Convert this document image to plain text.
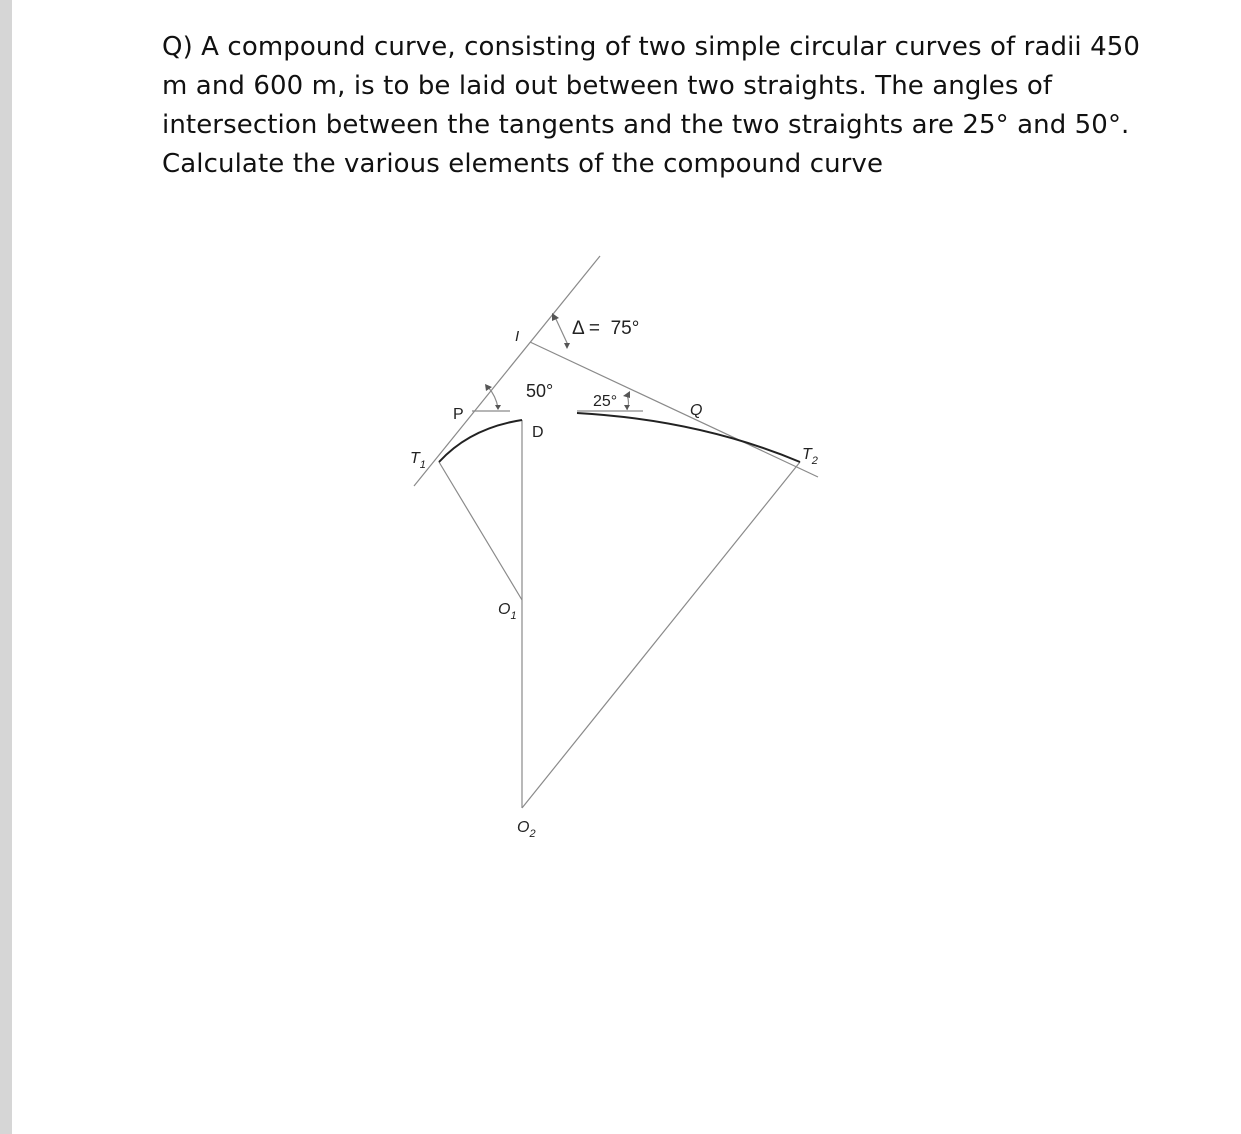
Q) A compound curve, consisting of two simple circular curves of radii 450 m and 600 m, is to be laid out between two straights. The angles of intersection between the tangents and the two straights are 25° and 50°. Calculate the various elements of the compound curve

I	Δ =  75°
50°
25°
P
D
Q
$T_1$
$T_2$
$O_1$
$O_2$
